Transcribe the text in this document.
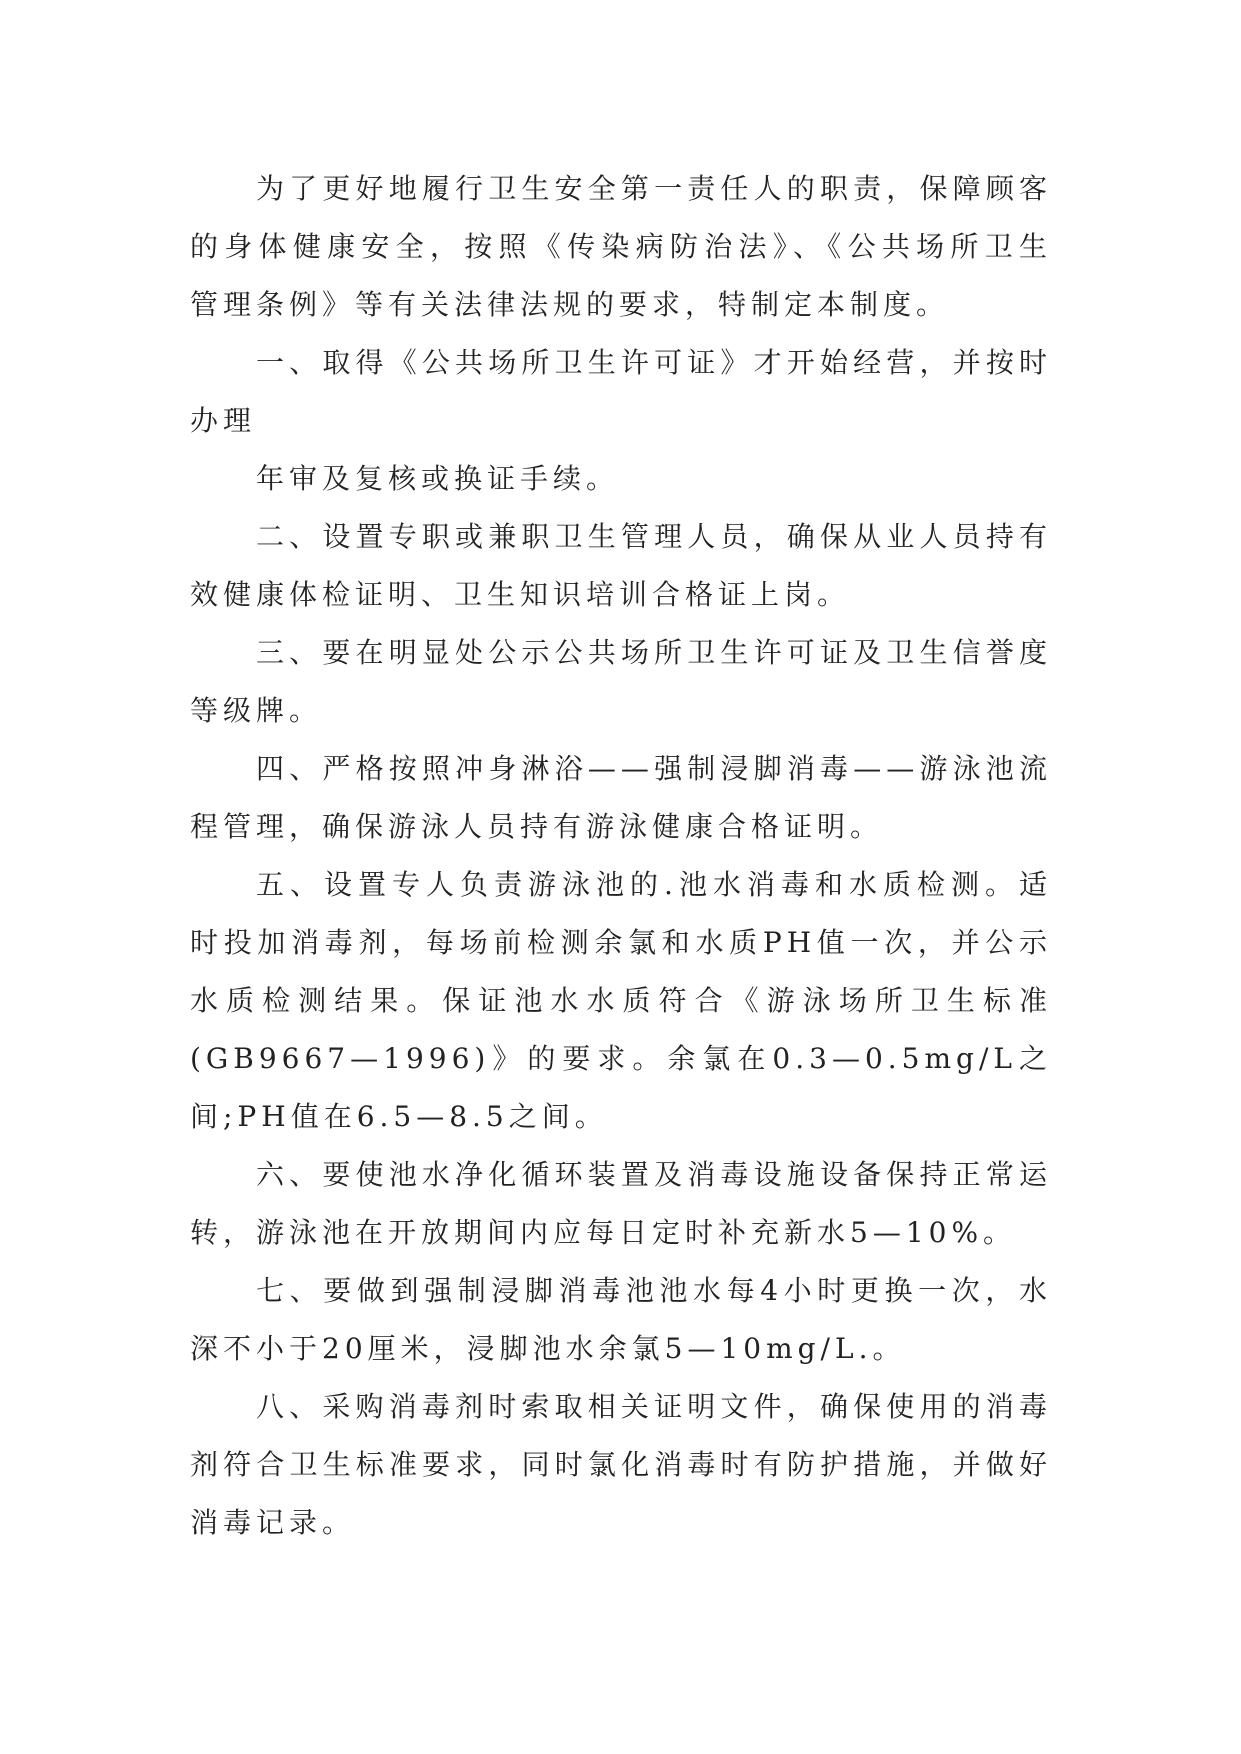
为了更好地履行卫生安全第一责任人的职责，保障顾客的身体健康安全，按照《传染病防治法》、《公共场所卫生管理条例》等有关法律法规的要求，特制定本制度。

一、取得《公共场所卫生许可证》才开始经营，并按时办理

年审及复核或换证手续。

二、设置专职或兼职卫生管理人员，确保从业人员持有效健康体检证明、卫生知识培训合格证上岗。

三、要在明显处公示公共场所卫生许可证及卫生信誉度等级牌。

四、严格按照冲身淋浴——强制浸脚消毒——游泳池流程管理，确保游泳人员持有游泳健康合格证明。

五、设置专人负责游泳池的.池水消毒和水质检测。适时投加消毒剂，每场前检测余氯和水质PH值一次，并公示水质检测结果。保证池水水质符合《游泳场所卫生标准(GB9667—1996)》的要求。余氯在0.3—0.5mg/L之间;PH值在6.5—8.5之间。

六、要使池水净化循环装置及消毒设施设备保持正常运转，游泳池在开放期间内应每日定时补充新水5—10%。

七、要做到强制浸脚消毒池池水每4小时更换一次，水深不小于20厘米，浸脚池水余氯5—10mg/L.。

八、采购消毒剂时索取相关证明文件，确保使用的消毒剂符合卫生标准要求，同时氯化消毒时有防护措施，并做好消毒记录。
